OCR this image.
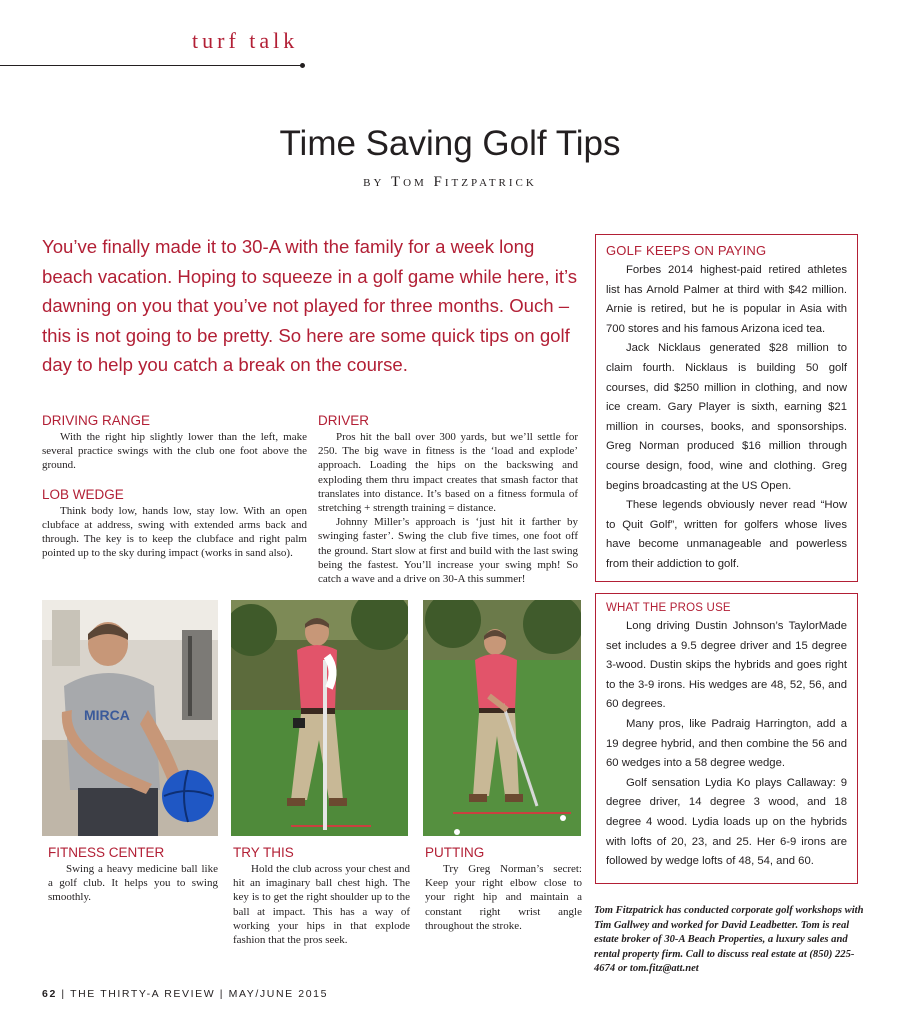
turf talk
Time Saving Golf Tips
by Tom Fitzpatrick
You’ve finally made it to 30-A with the family for a week long beach vacation. Hoping to squeeze in a golf game while here, it’s dawning on you that you’ve not played for three months. Ouch – this is not going to be pretty. So here are some quick tips on golf day to help you catch a break on the course.
DRIVING RANGE

With the right hip slightly lower than the left, make several practice swings with the club one foot above the ground.

LOB WEDGE

Think body low, hands low, stay low. With an open clubface at address, swing with extended arms back and through. The key is to keep the clubface and right palm pointed up to the sky during impact (works in sand also).

DRIVER

Pros hit the ball over 300 yards, but we’ll settle for 250. The big wave in fitness is the ‘load and explode’ approach. Loading the hips on the backswing and exploding them thru impact creates that smash factor that translates into distance. It’s based on a fitness formula of stretching + strength training = distance.

Johnny Miller’s approach is ‘just hit it farther by swinging faster’. Swing the club five times, one foot off the ground. Start slow at first and build with the last swing being the fastest. You’ll increase your swing mph! So catch a wave and a drive on 30-A this summer!

GOLF KEEPS ON PAYING

Forbes 2014 highest-paid retired athletes list has Arnold Palmer at third with $42 million. Arnie is retired, but he is popular in Asia with 700 stores and his famous Arizona iced tea.

Jack Nicklaus generated $28 million to claim fourth. Nicklaus is building 50 golf courses, did $250 million in clothing, and now ice cream. Gary Player is sixth, earning $21 million in courses, books, and sponsorships. Greg Norman produced $16 million through course design, food, wine and clothing. Greg begins broadcasting at the US Open.

These legends obviously never read “How to Quit Golf”, written for golfers whose lives have become unmanageable and powerless from their addiction to golf.

WHAT THE PROS USE

Long driving Dustin Johnson’s TaylorMade set includes a 9.5 degree driver and 15 degree 3-wood. Dustin skips the hybrids and goes right to the 3-9 irons. His wedges are 48, 52, 56, and 60 degrees.

Many pros, like Padraig Harrington, add a 19 degree hybrid, and then combine the 56 and 60 wedges into a 58 degree wedge.

Golf sensation Lydia Ko plays Callaway: 9 degree driver, 14 degree 3 wood, and 18 degree 4 wood. Lydia loads up on the hybrids with lofts of 20, 23, and 25. Her 6-9 irons are followed by wedge lofts of 48, 54, and 60.

MIRCA
FITNESS CENTER

Swing a heavy medicine ball like a golf club. It helps you to swing smoothly.

TRY THIS

Hold the club across your chest and hit an imaginary ball chest high. The key is to get the right shoulder up to the ball at impact. This has a way of working your hips in that explode fashion that the pros seek.

PUTTING

Try Greg Norman’s secret: Keep your right elbow close to your right hip and maintain a constant right wrist angle throughout the stroke.

Tom Fitzpatrick has conducted corporate golf workshops with Tim Gallwey and worked for David Leadbetter. Tom is real estate broker of 30-A Beach Properties, a luxury sales and rental property firm. Call to discuss real estate at (850) 225-4674 or tom.fitz@att.net
62 | THE THIRTY-A REVIEW | MAY/JUNE 2015
